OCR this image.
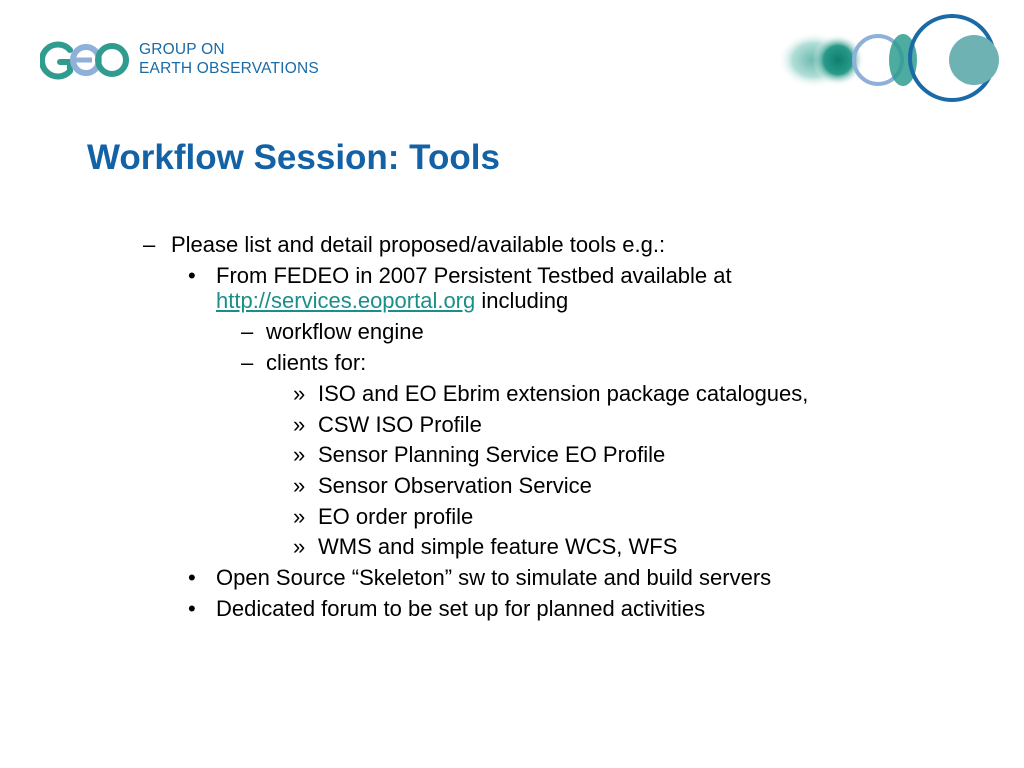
GROUP ON
EARTH OBSERVATIONS
Workflow Session: Tools
– Please list and detail proposed/available tools e.g.:
• From FEDEO in 2007 Persistent Testbed available at
http://services.eoportal.org including
– workflow engine
– clients for:
» ISO and EO Ebrim extension package catalogues,
» CSW ISO Profile
» Sensor Planning Service EO Profile
» Sensor Observation Service
» EO order profile
» WMS and simple feature WCS, WFS
• Open Source “Skeleton” sw to simulate and build servers
• Dedicated forum to be set up for planned activities
